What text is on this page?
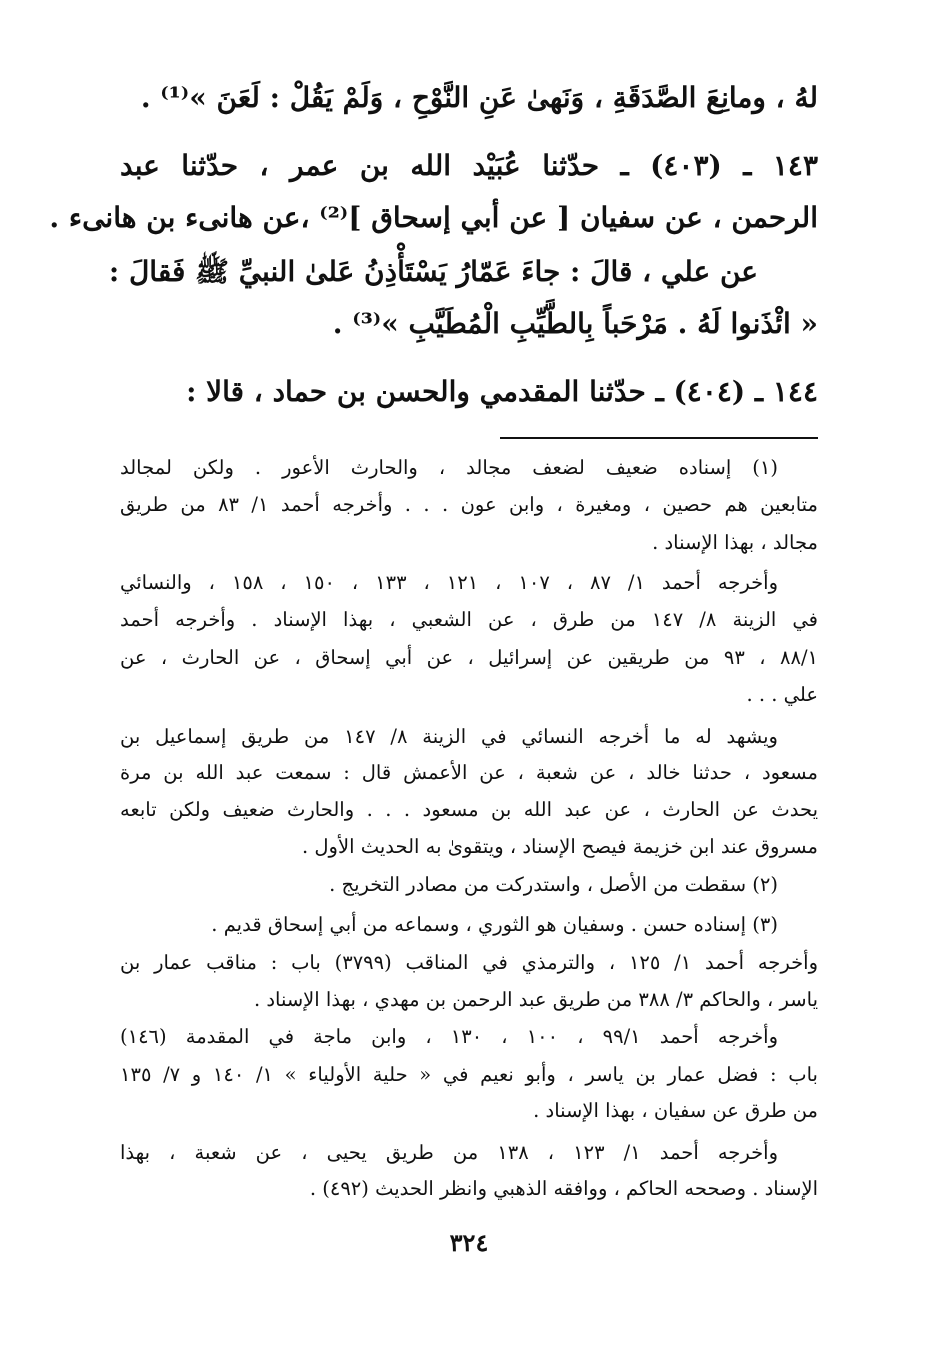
لهُ ، ومانِعَ الصَّدَقَةِ ، وَنَهىٰ عَنِ النَّوْحِ ، وَلَمْ يَقُلْ : لَعَنَ »⁽¹⁾ .
١٤٣ ـ (٤٠٣) ـ حدّثنا عُبَيْد الله بن عمر ، حدّثنا عبد
الرحمن ، عن سفيان [ عن أبي إسحاق ]⁽²⁾ ،عن هانىء بن هانىء .
عن علي ، قالَ : جاءَ عَمّارُ يَسْتَأْذِنُ عَلىٰ النبيِّ ﷺ فَقالَ :
« ائْذَنوا لَهُ . مَرْحَباً بِالطَّيِّبِ الْمُطَيَّبِ »⁽³⁾ .
١٤٤ ـ (٤٠٤) ـ حدّثنا المقدمي والحسن بن حماد ، قالا :
(١) إسناده ضعيف لضعف مجالد ، والحارث الأعور . ولكن لمجالد
متابعين هم حصين ، ومغيرة ، وابن عون . . . وأخرجه أحمد ١/ ٨٣ من طريق
مجالد ، بهذا الإسناد .
وأخرجه أحمد ١/ ٨٧ ، ١٠٧ ، ١٢١ ، ١٣٣ ، ١٥٠ ، ١٥٨ ، والنسائي
في الزينة ٨/ ١٤٧ من طرق ، عن الشعبي ، بهذا الإسناد . وأخرجه أحمد
٨٨/١ ، ٩٣ من طريقين عن إسرائيل ، عن أبي إسحاق ، عن الحارث ، عن
علي . . .
ويشهد له ما أخرجه النسائي في الزينة ٨/ ١٤٧ من طريق إسماعيل بن
مسعود ، حدثنا خالد ، عن شعبة ، عن الأعمش قال : سمعت عبد الله بن مرة
يحدث عن الحارث ، عن عبد الله بن مسعود . . . والحارث ضعيف ولكن تابعه
مسروق عند ابن خزيمة فيصح الإسناد ، ويتقوىٰ به الحديث الأول .
(٢) سقطت من الأصل ، واستدركت من مصادر التخريج .
(٣) إسناده حسن . وسفيان هو الثوري ، وسماعه من أبي إسحاق قديم .
وأخرجه أحمد ١/ ١٢٥ ، والترمذي في المناقب (٣٧٩٩) باب : مناقب عمار بن
ياسر ، والحاكم ٣/ ٣٨٨ من طريق عبد الرحمن بن مهدي ، بهذا الإسناد .
وأخرجه أحمد ٩٩/١ ، ١٠٠ ، ١٣٠ ، وابن ماجة في المقدمة (١٤٦)
باب : فضل عمار بن ياسر ، وأبو نعيم في « حلية الأولياء » ١/ ١٤٠ و ٧/ ١٣٥
من طرق عن سفيان ، بهذا الإسناد .
وأخرجه أحمد ١/ ١٢٣ ، ١٣٨ من طريق يحيى ، عن شعبة ، بهذا
الإسناد . وصححه الحاكم ، ووافقه الذهبي وانظر الحديث (٤٩٢) .
٣٢٤
